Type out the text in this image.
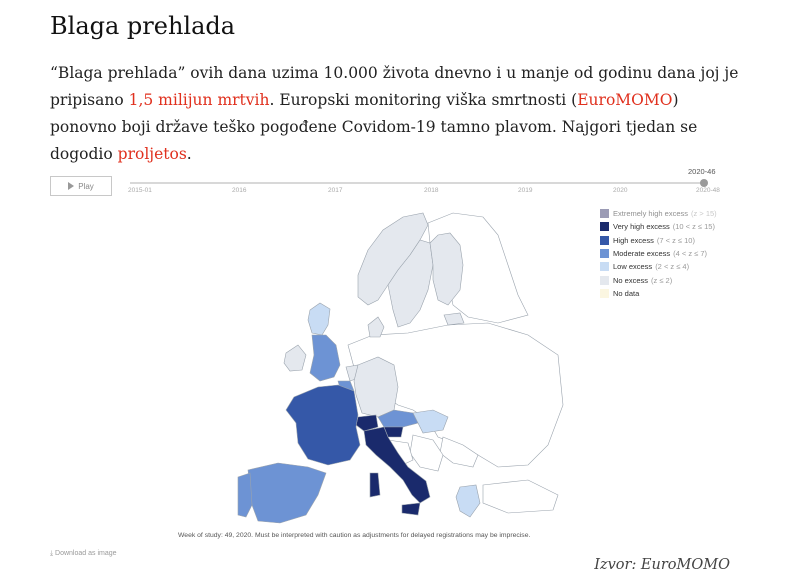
Blaga prehlada

“Blaga prehlada” ovih dana uzima 10.000 života dnevno i u manje od godinu dana joj je pripisano 1,5 milijun mrtvih. Europski monitoring viška smrtnosti (EuroMOMO) ponovno boji države teško pogođene Covidom-19 tamno plavom. Najgori tjedan se dogodio proljetos.

Play
2020-46
2015-01	2016	2017	2018	2019	2020	2020-48
Extremely high excess (z > 15)
Very high excess (10 < z ≤ 15)
High excess (7 < z ≤ 10)
Moderate excess (4 < z ≤ 7)
Low excess (2 < z ≤ 4)
No excess (z ≤ 2)
No data
Week of study: 49, 2020. Must be interpreted with caution as adjustments for delayed registrations may be imprecise.
⤓ Download as image
Izvor: EuroMOMO
